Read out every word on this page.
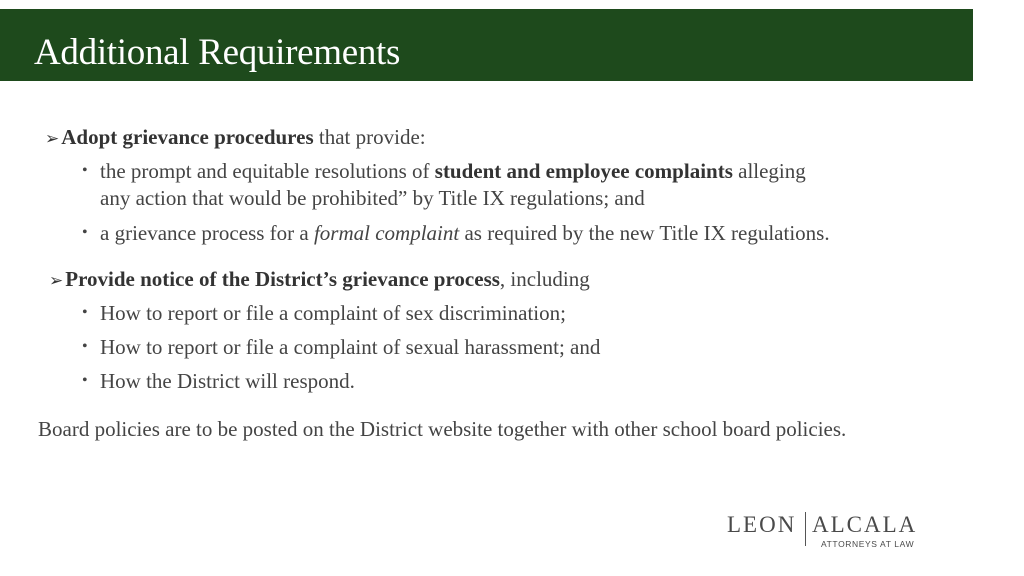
Additional Requirements
➢Adopt grievance procedures that provide:
• the prompt and equitable resolutions of student and employee complaints alleging
any action that would be prohibited” by Title IX regulations; and
• a grievance process for a formal complaint as required by the new Title IX regulations.
➢Provide notice of the District’s grievance process, including
• How to report or file a complaint of sex discrimination;
• How to report or file a complaint of sexual harassment; and
• How the District will respond.
Board policies are to be posted on the District website together with other school board policies.
LEON ALCALA
ATTORNEYS AT LAW
